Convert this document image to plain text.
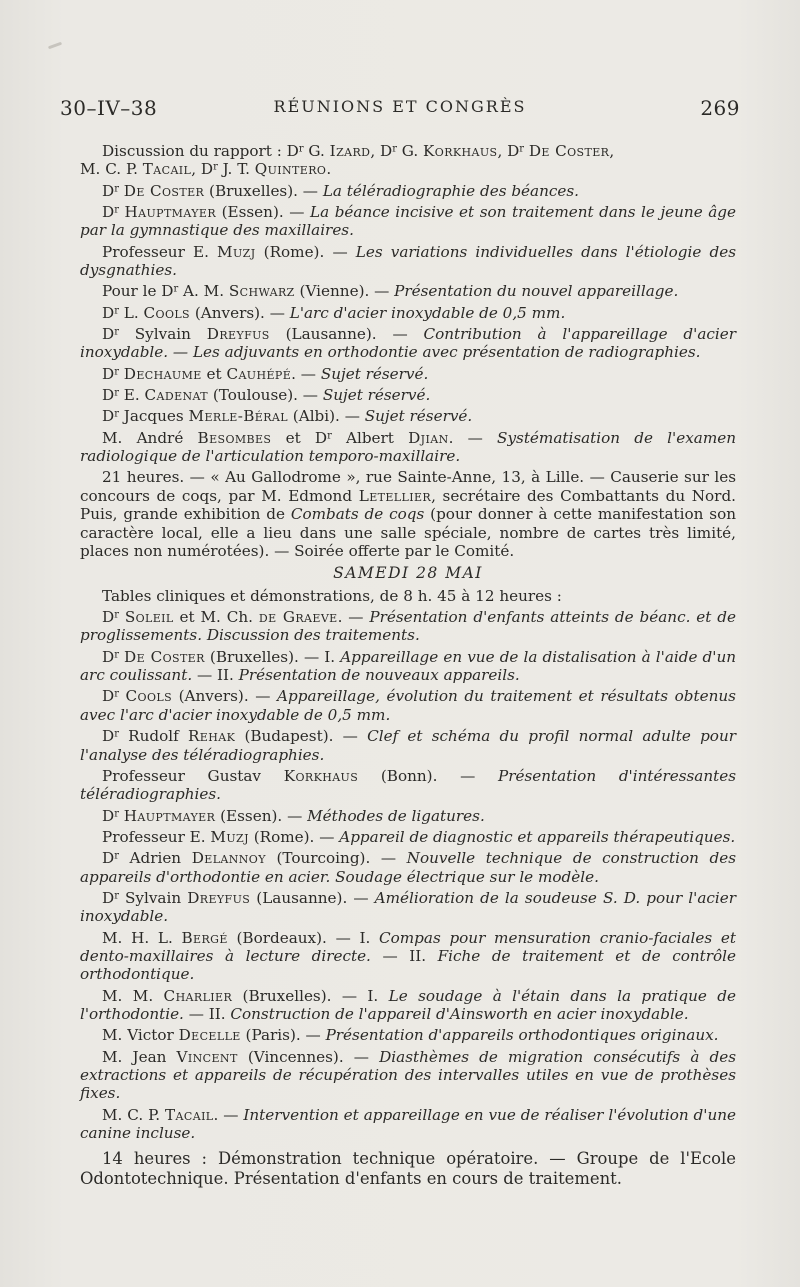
30–IV–38	RÉUNIONS ET CONGRÈS	269

Discussion du rapport : $D^r$ G. Izard, $D^r$ G. Korkhaus, $D^r$ De Coster,
M. C. P. Tacail, $D^r$ J. T. Quintero.

$D^r$ De Coster (Bruxelles). — La téléradiographie des béances.

$D^r$ Hauptmayer (Essen). — La béance incisive et son traitement dans le jeune âge par la gymnastique des maxillaires.

Professeur E. Muzj (Rome). — Les variations individuelles dans l'étiologie des dysgnathies.

Pour le $D^r$ A. M. Schwarz (Vienne). — Présentation du nouvel appareillage.

$D^r$ L. Cools (Anvers). — L'arc d'acier inoxydable de 0,5 mm.

$D^r$ Sylvain Dreyfus (Lausanne). — Contribution à l'appareillage d'acier inoxydable. — Les adjuvants en orthodontie avec présentation de radiographies.

$D^r$ Dechaume et Cauhépé. — Sujet réservé.

$D^r$ E. Cadenat (Toulouse). — Sujet réservé.

$D^r$ Jacques Merle-Béral (Albi). — Sujet réservé.

M. André Besombes et $D^r$ Albert Djian. — Systématisation de l'examen radiologique de l'articulation temporo-maxillaire.

21 heures. — « Au Gallodrome », rue Sainte-Anne, 13, à Lille. — Causerie sur les concours de coqs, par M. Edmond Letellier, secrétaire des Combattants du Nord. Puis, grande exhibition de Combats de coqs (pour donner à cette manifestation son caractère local, elle a lieu dans une salle spéciale, nombre de cartes très limité, places non numérotées). — Soirée offerte par le Comité.

SAMEDI 28 MAI

Tables cliniques et démonstrations, de 8 h. 45 à 12 heures :

$D^r$ Soleil et M. Ch. de Graeve. — Présentation d'enfants atteints de béanc. et de proglissements. Discussion des traitements.

$D^r$ De Coster (Bruxelles). — I. Appareillage en vue de la distalisation à l'aide d'un arc coulissant. — II. Présentation de nouveaux appareils.

$D^r$ Cools (Anvers). — Appareillage, évolution du traitement et résultats obtenus avec l'arc d'acier inoxydable de 0,5 mm.

$D^r$ Rudolf Rehak (Budapest). — Clef et schéma du profil normal adulte pour l'analyse des téléradiographies.

Professeur Gustav Korkhaus (Bonn). — Présentation d'intéressantes téléradiographies.

$D^r$ Hauptmayer (Essen). — Méthodes de ligatures.

Professeur E. Muzj (Rome). — Appareil de diagnostic et appareils thérapeutiques.

$D^r$ Adrien Delannoy (Tourcoing). — Nouvelle technique de construction des appareils d'orthodontie en acier. Soudage électrique sur le modèle.

$D^r$ Sylvain Dreyfus (Lausanne). — Amélioration de la soudeuse S. D. pour l'acier inoxydable.

M. H. L. Bergé (Bordeaux). — I. Compas pour mensuration cranio-faciales et dento-maxillaires à lecture directe. — II. Fiche de traitement et de contrôle orthodontique.

M. M. Charlier (Bruxelles). — I. Le soudage à l'étain dans la pratique de l'orthodontie. — II. Construction de l'appareil d'Ainsworth en acier inoxydable.

M. Victor Decelle (Paris). — Présentation d'appareils orthodontiques originaux.

M. Jean Vincent (Vincennes). — Diasthèmes de migration consécutifs à des extractions et appareils de récupération des intervalles utiles en vue de prothèses fixes.

M. C. P. Tacail. — Intervention et appareillage en vue de réaliser l'évolution d'une canine incluse.

14 heures : Démonstration technique opératoire. — Groupe de l'Ecole Odontotechnique. Présentation d'enfants en cours de traitement.
